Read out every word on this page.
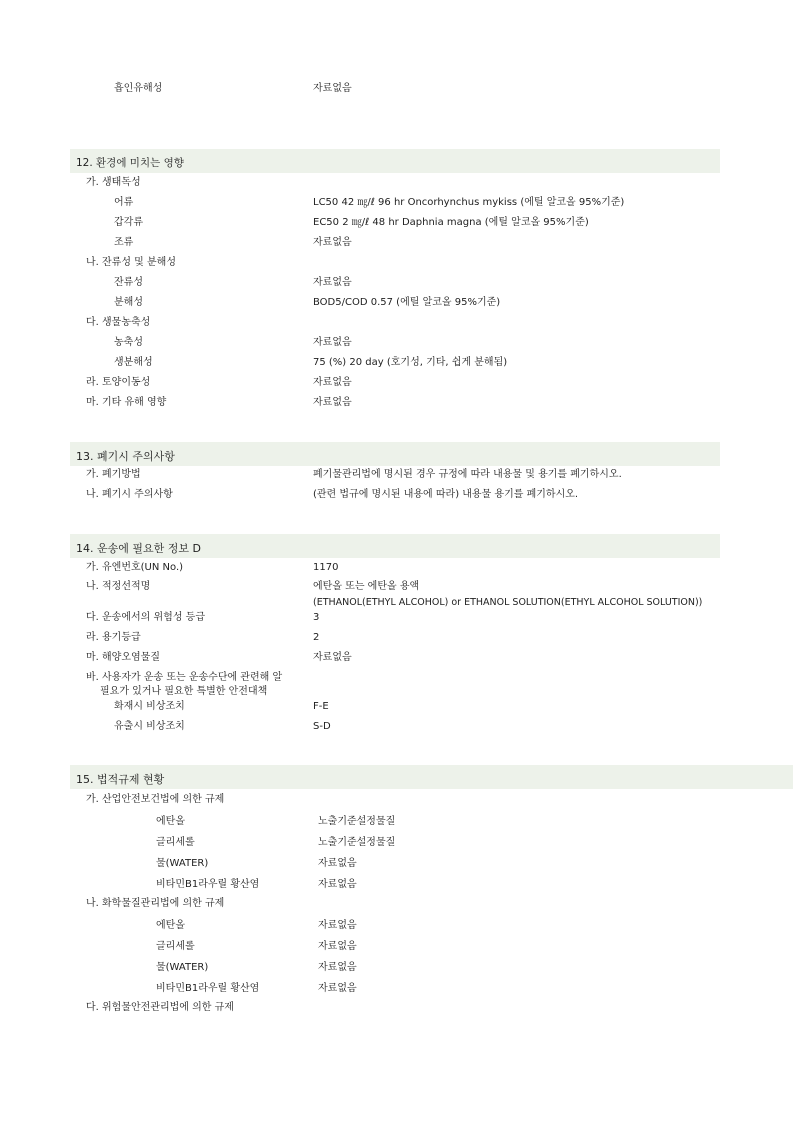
흡인유해성	자료없음
12. 환경에 미치는 영향
가. 생태독성
어류	LC50 42 ㎎/ℓ 96 hr Oncorhynchus mykiss (에틸 알코올 95%기준)
갑각류	EC50 2 ㎎/ℓ 48 hr Daphnia magna (에틸 알코올 95%기준)
조류	자료없음
나. 잔류성 및 분해성
잔류성	자료없음
분해성	BOD5/COD 0.57 (에틸 알코올 95%기준)
다. 생물농축성
농축성	자료없음
생분해성	75 (%) 20 day (호기성, 기타, 쉽게 분해됨)
라. 토양이동성	자료없음
마. 기타 유해 영향	자료없음
13. 폐기시 주의사항
가. 폐기방법	폐기물관리법에 명시된 경우 규정에 따라 내용물 및 용기를 폐기하시오.
나. 폐기시 주의사항	(관련 법규에 명시된 내용에 따라) 내용물 용기를 폐기하시오.
14. 운송에 필요한 정보 D
가. 유엔번호(UN No.)	1170
나. 적정선적명	에탄올 또는 에탄올 용액
(ETHANOL(ETHYL ALCOHOL) or ETHANOL SOLUTION(ETHYL ALCOHOL SOLUTION))
다. 운송에서의 위험성 등급	3
라. 용기등급	2
마. 해양오염물질	자료없음
바. 사용자가 운송 또는 운송수단에 관련해 알
필요가 있거나 필요한 특별한 안전대책
화재시 비상조치	F-E
유출시 비상조치	S-D
15. 법적규제 현황
가. 산업안전보건법에 의한 규제
에탄올	노출기준설정물질
글리세롤	노출기준설정물질
물(WATER)	자료없음
비타민B1라우릴 황산염	자료없음
나. 화학물질관리법에 의한 규제
에탄올	자료없음
글리세롤	자료없음
물(WATER)	자료없음
비타민B1라우릴 황산염	자료없음
다. 위험물안전관리법에 의한 규제
